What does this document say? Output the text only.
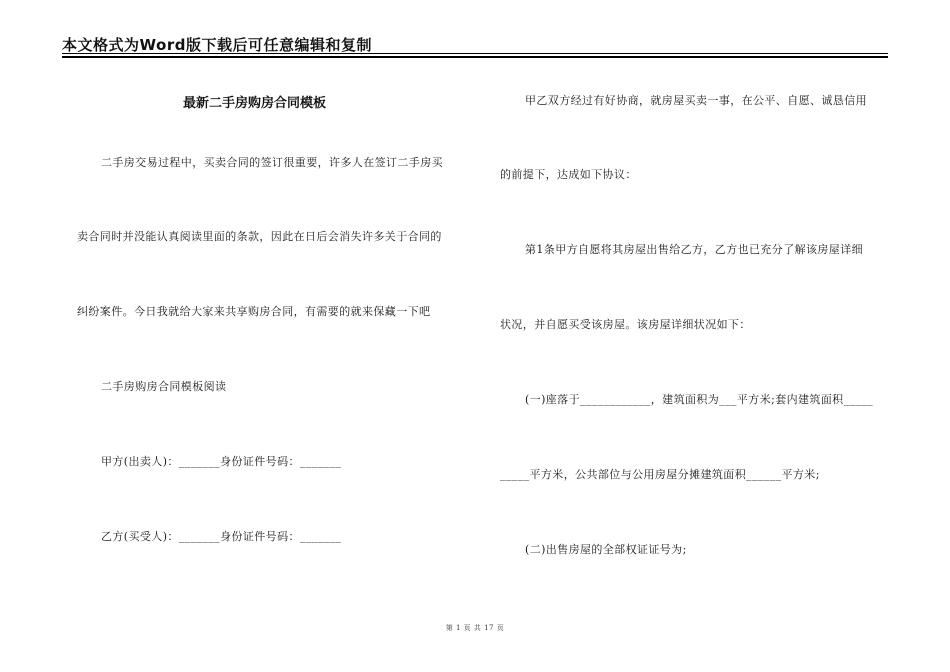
本文格式为Word版下载后可任意编辑和复制
最新二手房购房合同模板
二手房交易过程中，买卖合同的签订很重要，许多人在签订二手房买
卖合同时并没能认真阅读里面的条款，因此在日后会消失许多关于合同的
纠纷案件。今日我就给大家来共享购房合同，有需要的就来保藏一下吧
二手房购房合同模板阅读
甲方(出卖人)：_______身份证件号码：_______
乙方(买受人)：_______身份证件号码：_______
甲乙双方经过有好协商，就房屋买卖一事，在公平、自愿、诚恳信用
的前提下，达成如下协议：
第1条甲方自愿将其房屋出售给乙方，乙方也已充分了解该房屋详细
状况，并自愿买受该房屋。该房屋详细状况如下：
(一)座落于____________，建筑面积为___平方米;套内建筑面积_____
_____平方米，公共部位与公用房屋分摊建筑面积______平方米;
(二)出售房屋的全部权证证号为;
第 1 页 共 17 页
